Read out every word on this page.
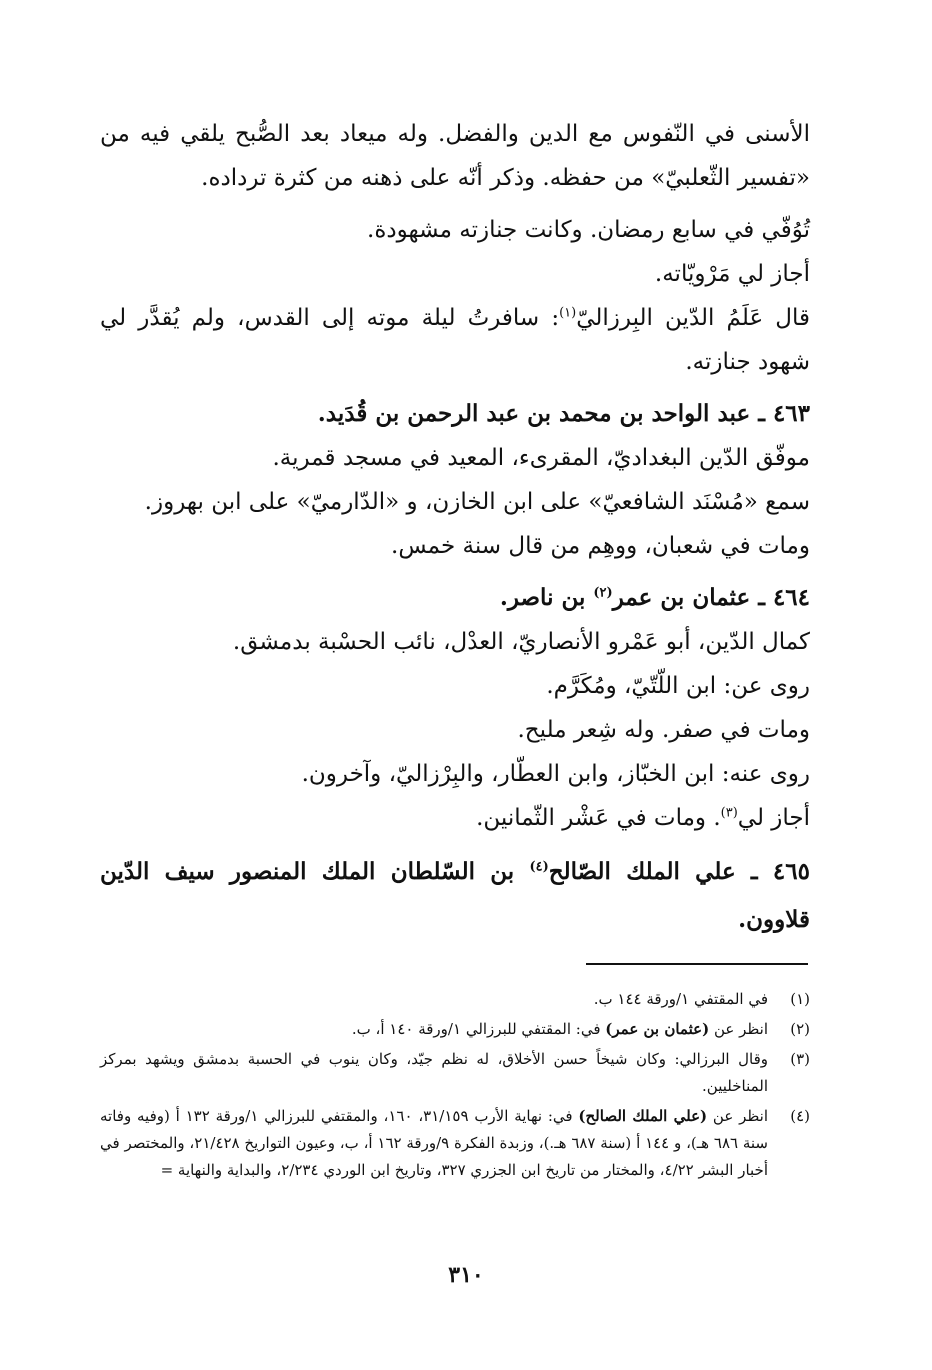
الأسنى في النّفوس مع الدين والفضل. وله ميعاد بعد الصُّبح يلقي فيه من «تفسير الثّعلبيّ» من حفظه. وذكر أنّه على ذهنه من كثرة ترداده.

تُوُفّي في سابع رمضان. وكانت جنازته مشهودة.

أجاز لي مَرْويّاته.

قال عَلَمُ الدّين البِرزاليّ$^{(١)}$: سافرتُ ليلة موته إلى القدس، ولم يُقدَّر لي شهود جنازته.

٤٦٣ ـ عبد الواحد بن محمد بن عبد الرحمن بن قُدَيد.

موفّق الدّين البغداديّ، المقرىء، المعيد في مسجد قمرية.

سمع «مُسْنَد الشافعيّ» على ابن الخازن، و «الدّارميّ» على ابن بهروز.

ومات في شعبان، ووهِم من قال سنة خمس.

٤٦٤ ـ عثمان بن عمر$^{(٢)}$ بن ناصر.

كمال الدّين، أبو عَمْرو الأنصاريّ، العدْل، نائب الحسْبة بدمشق.

روى عن: ابن اللّتّيّ، ومُكَرَّم.

ومات في صفر. وله شِعر مليح.

روى عنه: ابن الخبّاز، وابن العطّار، والبِرْزاليّ، وآخرون.

أجاز لي$^{(٣)}$. ومات في عَشْر الثّمانين.

٤٦٥ ـ علي الملك الصّالح$^{(٤)}$ بن السّلطان الملك المنصور سيف الدّين قلاوون.

(١)
في المقتفي ١/ورقة ١٤٤ ب.
(٢)
انظر عن (عثمان بن عمر) في: المقتفي للبرزالي ١/ورقة ١٤٠ أ، ب.
(٣)
وقال البرزالي: وكان شيخاً حسن الأخلاق، له نظم جيّد، وكان ينوب في الحسبة بدمشق ويشهد بمركز المناخليين.
(٤)
انظر عن (علي الملك الصالح) في: نهاية الأرب ٣١/١٥٩، ١٦٠، والمقتفي للبرزالي ١/ورقة ١٣٢ أ (وفيه وفاته سنة ٦٨٦ هـ)، و ١٤٤ أ (سنة ٦٨٧ هـ.)، وزبدة الفكرة ٩/ورقة ١٦٢ أ، ب، وعيون التواريخ ٢١/٤٢٨، والمختصر في أخبار البشر ٤/٢٢، والمختار من تاريخ ابن الجزري ٣٢٧، وتاريخ ابن الوردي ٢/٢٣٤، والبداية والنهاية =
٣١٠
